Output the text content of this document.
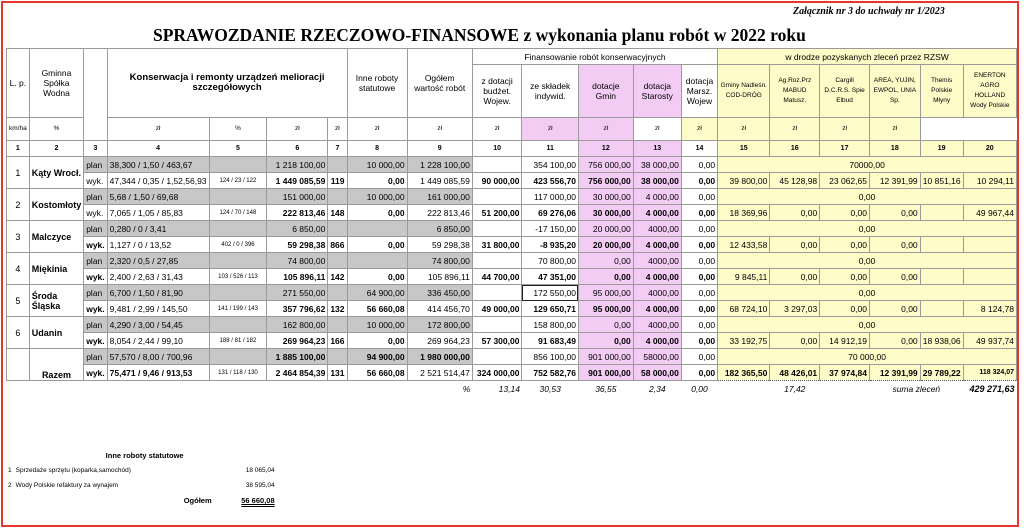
Załącznik nr 3 do uchwały nr 1/2023
SPRAWOZDANIE RZECZOWO-FINANSOWE z wykonania planu robót w 2022 roku
L. p.	Gminna Spółka Wodna		Konserwacja i remonty urządzeń melioracji szczegółowych				Inne roboty statutowe	Ogółem wartość robót	Finansowanie robót konserwacyjnych					w drodze pozyskanych zleceń przez RZSW					
									z dotacji budżet. Wojew.	ze składek indywid.	dotacje Gmin	dotacja Starosty	dotacja Marsz. Wojew	Gminy Nadleśn. COD-DRÓG	Ag.Roz.Prz MABUD Matusz.	Cargill D.C.R.S. Spie Elbud	AREA, YUJIN, EWPOL, UNIA Sp.	Themis Polskie Młyny	ENERTON AGRO HOLLAND Wody Polskie
km/ha	%		zł	%	zł	zł	zł	zł	zł	zł	zł	zł	zł	zł	zł	zł	zł		
1	2	3	4	5	6	7	8	9	10	11	12	13	14	15	16	17	18	19	20
1	Kąty Wrocł.	plan	38,300 / 1,50 / 463,67		1 218 100,00		10 000,00	1 228 100,00		354 100,00	756 000,00	38 000,00	0,00	70000,00					
		wyk.	47,344 / 0,35 / 1,52,56,93	124 / 23 / 122	1 449 085,59	119	0,00	1 449 085,59	90 000,00	423 556,70	756 000,00	38 000,00	0,00	39 800,00	45 128,98	23 062,65	12 391,99	10 851,16	10 294,11
2	Kostomłoty	plan	5,68 / 1,50 / 69,68		151 000,00		10 000,00	161 000,00		117 000,00	30 000,00	4 000,00	0,00	0,00					
		wyk.	7,065 / 1,05 / 85,83	124 / 70 / 148	222 813,46	148	0,00	222 813,46	51 200,00	69 276,06	30 000,00	4 000,00	0,00	18 369,96	0,00	0,00	0,00		49 967,44
3	Malczyce	plan	0,280 / 0 / 3,41		6 850,00			6 850,00		-17 150,00	20 000,00	4000,00	0,00	0,00					
		wyk.	1,127 / 0 / 13,52	402 / 0 / 396	59 298,38	866	0,00	59 298,38	31 800,00	-8 935,20	20 000,00	4 000,00	0,00	12 433,58	0,00	0,00	0,00		
4	Miękinia	plan	2,320 / 0,5 / 27,85		74 800,00			74 800,00		70 800,00	0,00	4000,00	0,00	0,00					
		wyk.	2,400 / 2,63 / 31,43	103 / 526 / 113	105 896,11	142	0,00	105 896,11	44 700,00	47 351,00	0,00	4 000,00	0,00	9 845,11	0,00	0,00	0,00		
5	Środa Śląska	plan	6,700 / 1,50 / 81,90		271 550,00		64 900,00	336 450,00		172 550,00	95 000,00	4000,00	0,00	0,00					
		wyk.	9,481 / 2,99 / 145,50	141 / 199 / 143	357 796,62	132	56 660,08	414 456,70	49 000,00	129 650,71	95 000,00	4 000,00	0,00	68 724,10	3 297,03	0,00	0,00		8 124,78
6	Udanin	plan	4,290 / 3,00 / 54,45		162 800,00		10 000,00	172 800,00		158 800,00	0,00	4000,00	0,00	0,00					
		wyk.	8,054 / 2,44 / 99,10	188 / 81 / 182	269 964,23	166	0,00	269 964,23	57 300,00	91 683,49	0,00	4 000,00	0,00	33 192,75	0,00	14 912,19	0,00	18 938,06	49 937,74
	Razem	plan	57,570 / 8,00 / 700,96		1 885 100,00		94 900,00	1 980 000,00		856 100,00	901 000,00	58000,00	0,00	70 000,00					
		wyk.	75,471 / 9,46 / 913,53	131 / 118 / 130	2 464 854,39	131	56 660,08	2 521 514,47	324 000,00	752 582,76	901 000,00	58 000,00	0,00	182 365,50	48 426,01	37 974,84	12 391,99	29 789,22	118 324,07
								%	13,14	30,53	36,55	2,34	0,00		17,42		suma zleceń		429 271,63
	Inne roboty statutowe	
1	Sprzedaże sprzętu (koparka,samochód)	18 065,04
2	Wody Polskie refaktury za wynajem	38 595,04
	Ogółem	56 660,08
